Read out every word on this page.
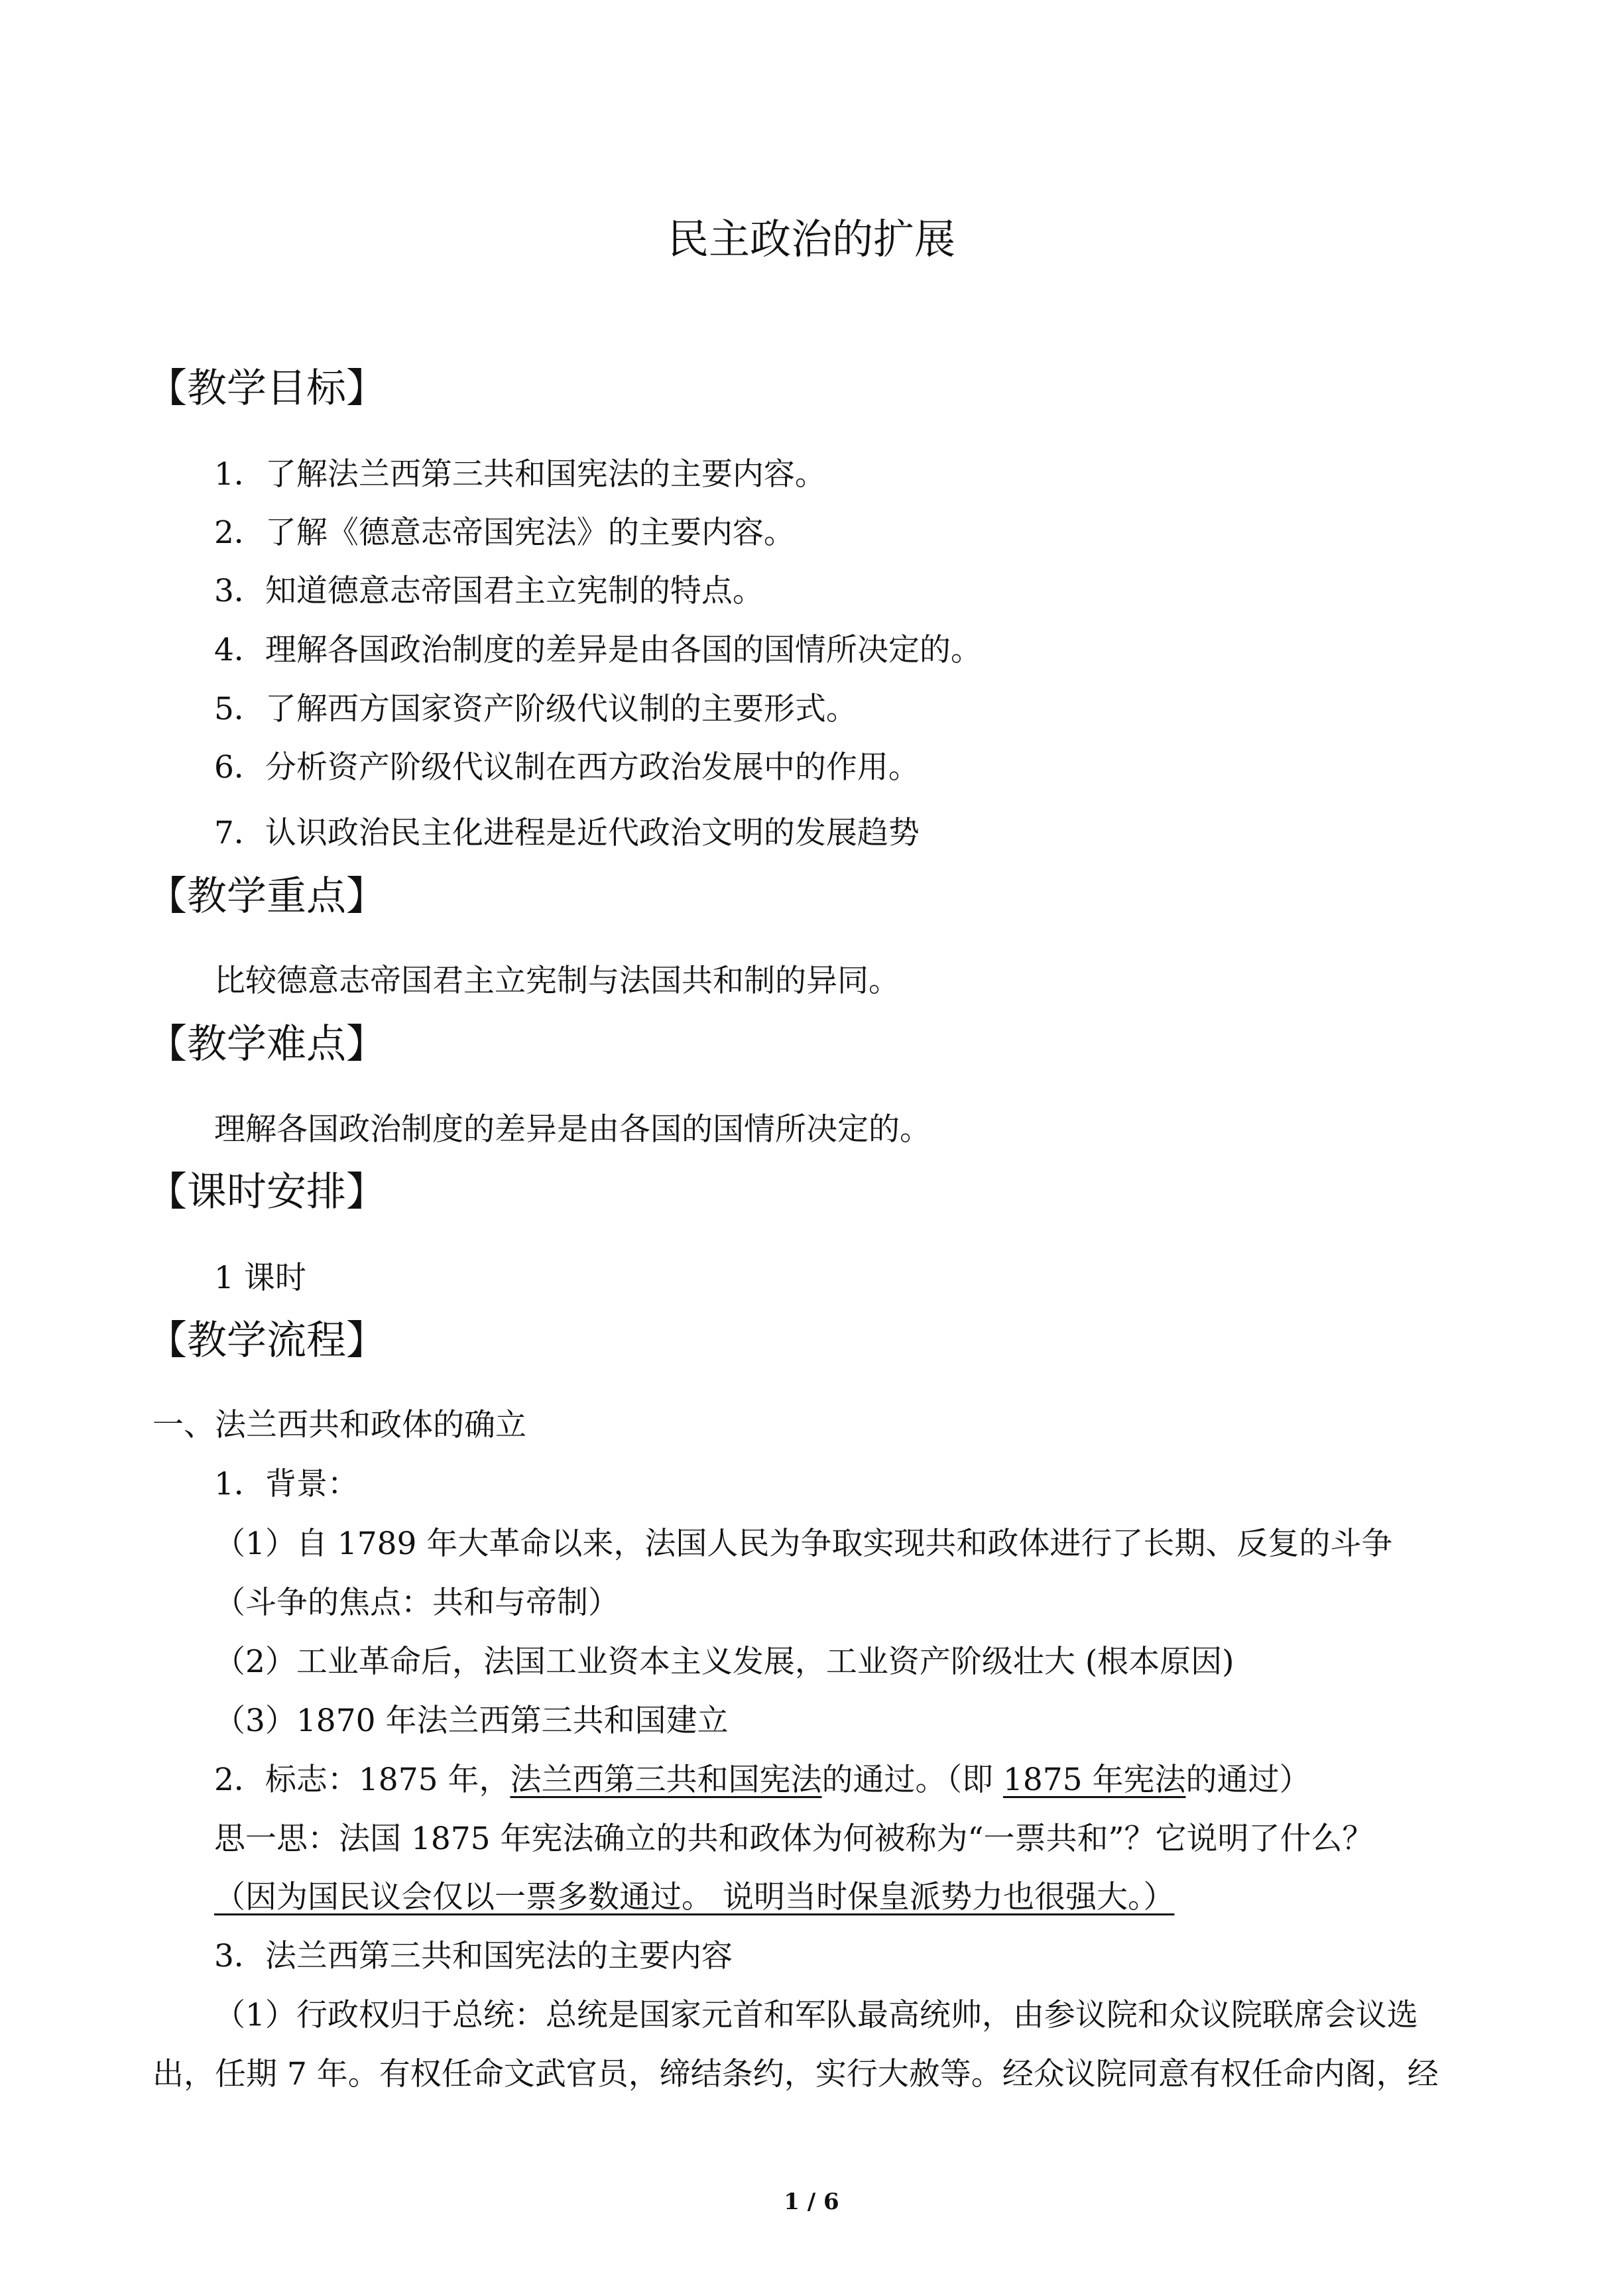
民主政治的扩展
【教学目标】
1．了解法兰西第三共和国宪法的主要内容。
2．了解《德意志帝国宪法》的主要内容。
3．知道德意志帝国君主立宪制的特点。
4．理解各国政治制度的差异是由各国的国情所决定的。
5．了解西方国家资产阶级代议制的主要形式。
6．分析资产阶级代议制在西方政治发展中的作用。
7．认识政治民主化进程是近代政治文明的发展趋势
【教学重点】
比较德意志帝国君主立宪制与法国共和制的异同。
【教学难点】
理解各国政治制度的差异是由各国的国情所决定的。
【课时安排】
1 课时
【教学流程】
一、法兰西共和政体的确立
1．背景：
（1）自 1789 年大革命以来，法国人民为争取实现共和政体进行了长期、反复的斗争
（斗争的焦点：共和与帝制）
（2）工业革命后，法国工业资本主义发展，工业资产阶级壮大 (根本原因)
（3）1870 年法兰西第三共和国建立
2．标志：1875 年，法兰西第三共和国宪法的通过。（即 1875 年宪法的通过）
思一思：法国 1875 年宪法确立的共和政体为何被称为“一票共和”？它说明了什么？
（因为国民议会仅以一票多数通过。 说明当时保皇派势力也很强大。）
3．法兰西第三共和国宪法的主要内容
（1）行政权归于总统：总统是国家元首和军队最高统帅，由参议院和众议院联席会议选
出，任期 7 年。有权任命文武官员，缔结条约，实行大赦等。经众议院同意有权任命内阁，经
1 / 6
